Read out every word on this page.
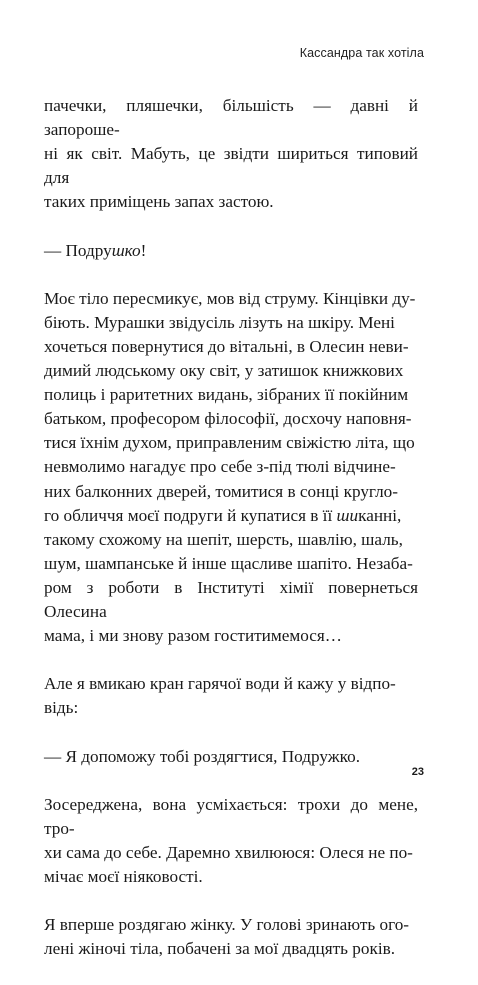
Кассандра так хотіла

пачечки, пляшечки, більшість — давні й запороше-
ні як світ. Мабуть, це звідти шириться типовий для
таких приміщень запах застою.

— Подрушко!

Моє тіло пересмикує, мов від струму. Кінцівки ду-
біють. Мурашки звідусіль лізуть на шкіру. Мені
хочеться повернутися до вітальні, в Олесин неви-
димий людському оку світ, у затишок книжкових
полиць і раритетних видань, зібраних її покійним
батьком, професором філософії, досхочу наповня-
тися їхнім духом, приправленим свіжістю літа, що
невмолимо нагадує про себе з-під тюлі відчине-
них балконних дверей, томитися в сонці кругло-
го обличчя моєї подруги й купатися в її шиканні,
такому схожому на шепіт, шерсть, шавлію, шаль,
шум, шампанське й інше щасливе шапіто. Незаба-
ром з роботи в Інституті хімії повернеться Олесина
мама, і ми знову разом гоститимемося…

Але я вмикаю кран гарячої води й кажу у відпо-
відь:

— Я допоможу тобі роздягтися, Подружко.

Зосереджена, вона усміхається: трохи до мене, тро-
хи сама до себе. Даремно хвилююся: Олеся не по-
мічає моєї ніяковості.

Я вперше роздягаю жінку. У голові зринають ого-
лені жіночі тіла, побачені за мої двадцять років.

23
